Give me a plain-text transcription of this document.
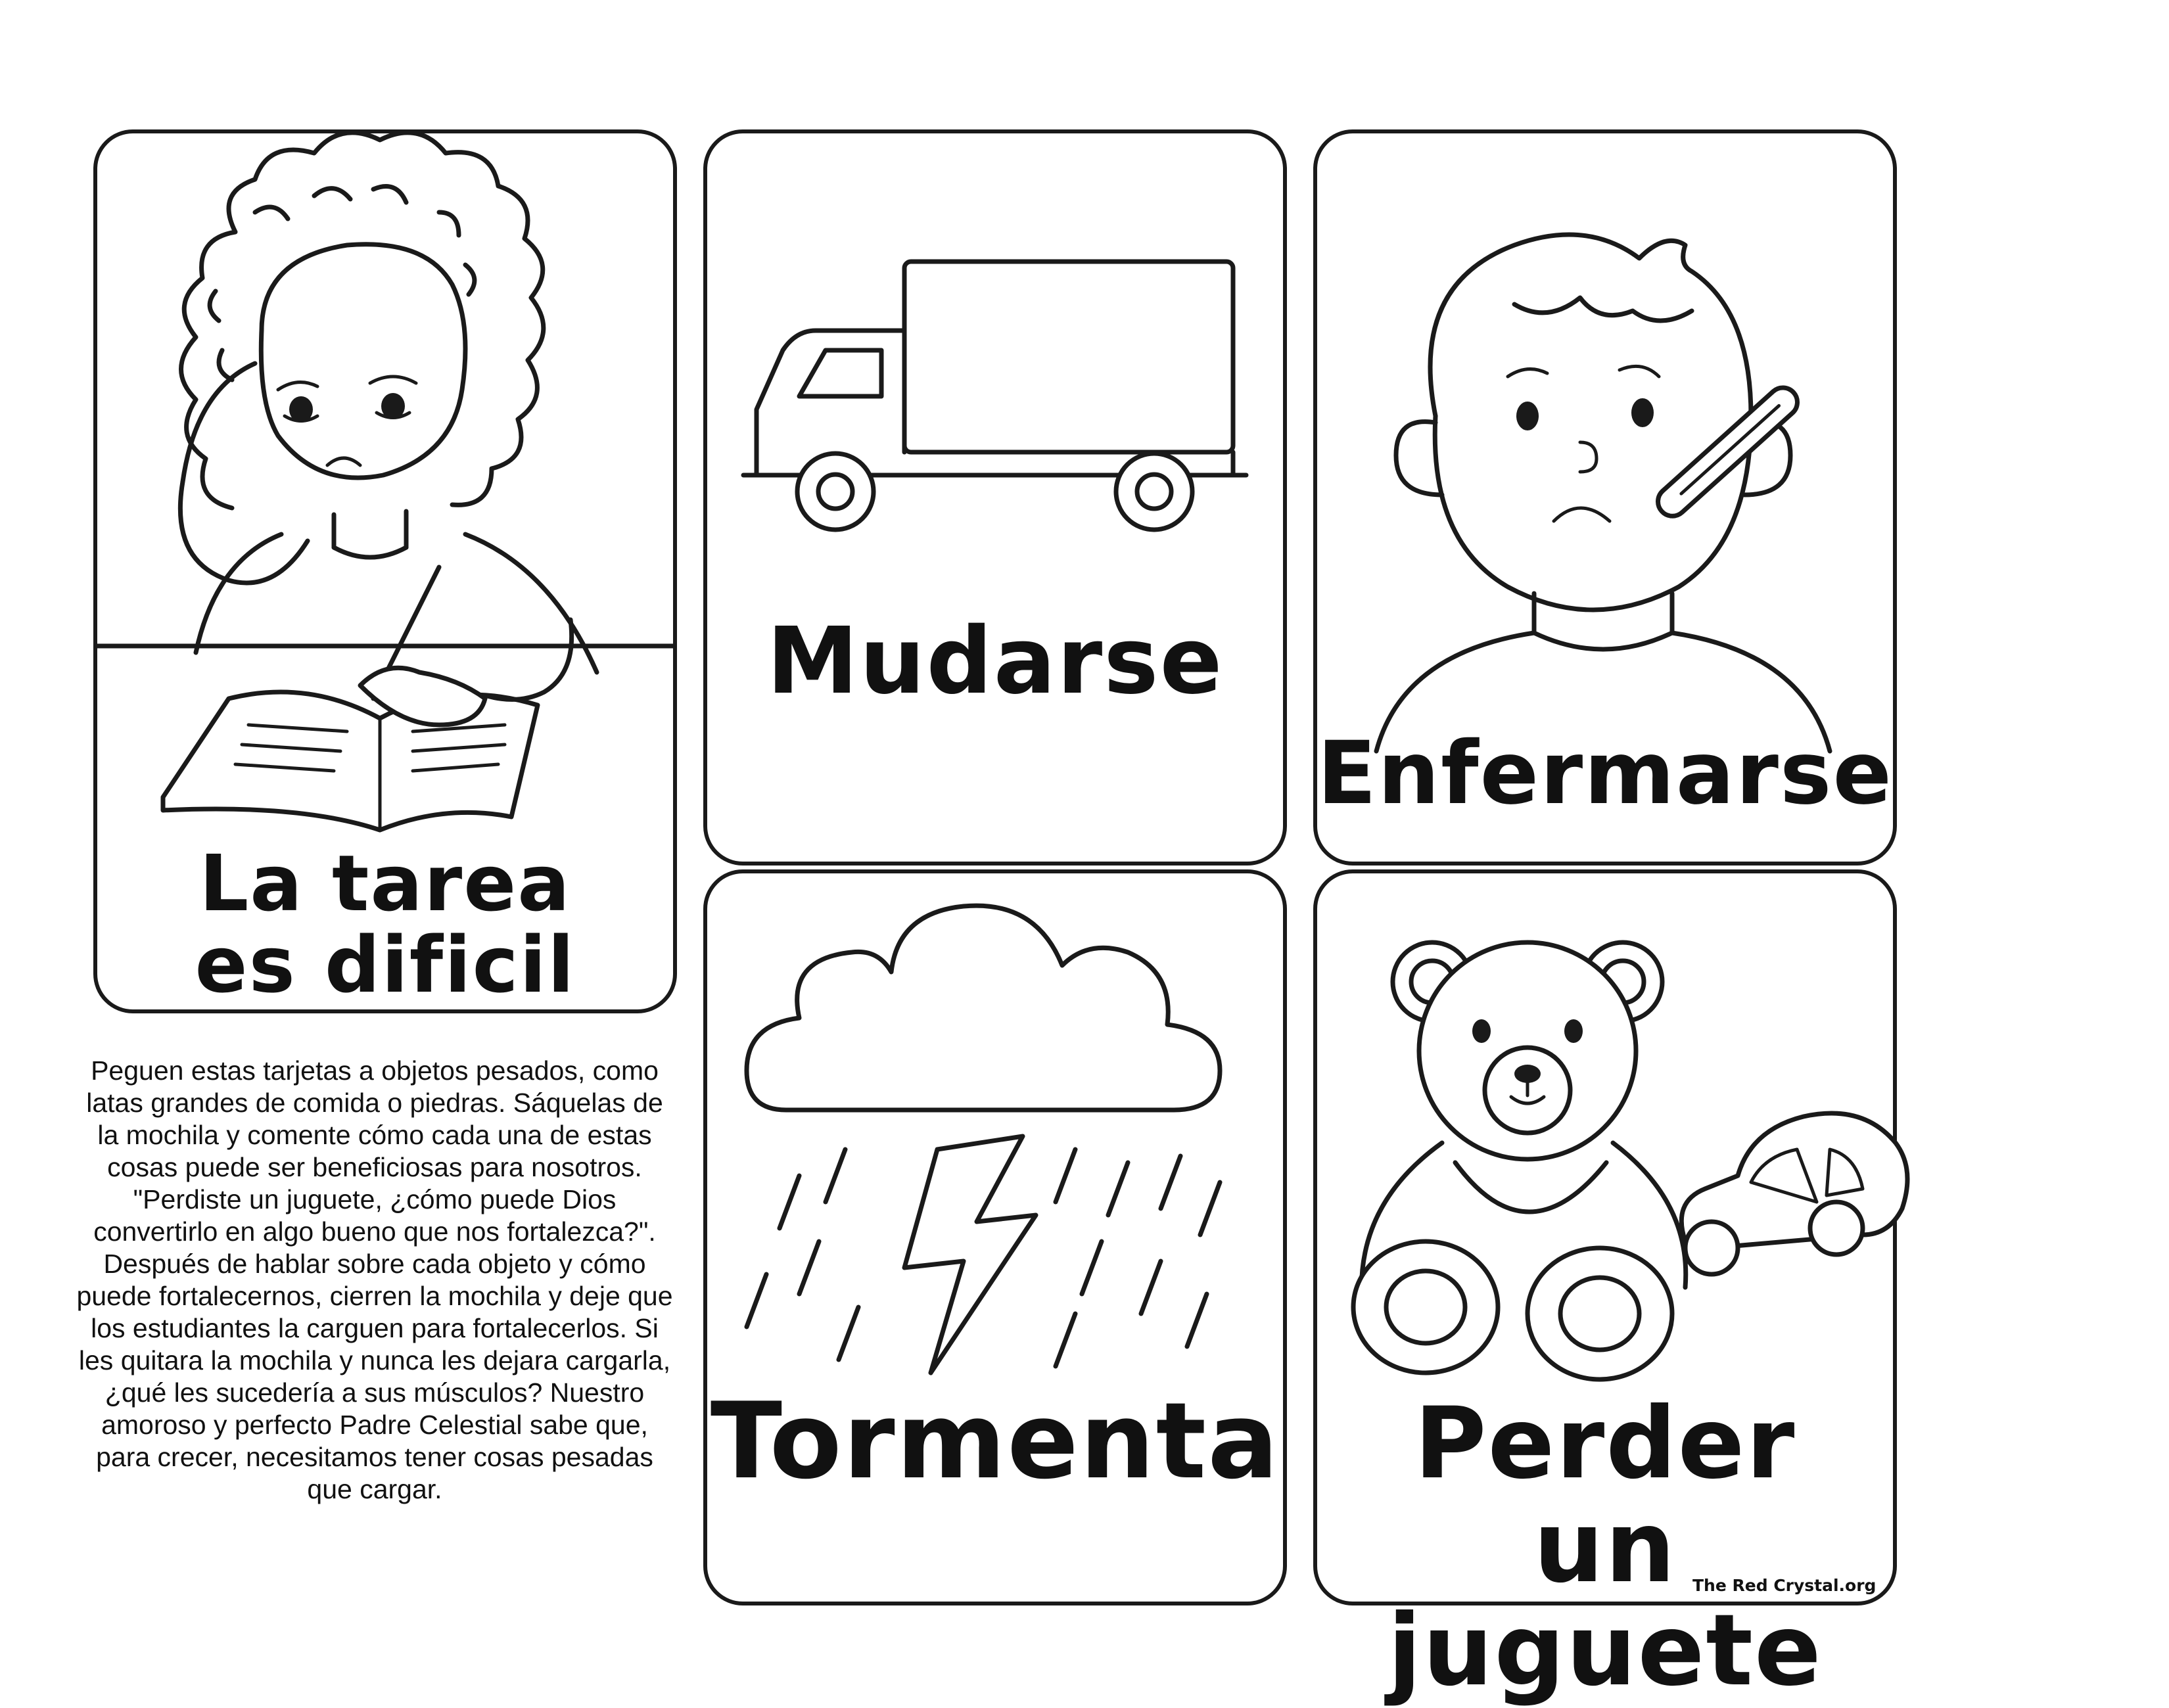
La tarea es dificil
Mudarse
Enfermarse
Tormenta	Perder un juguete
Peguen estas tarjetas a objetos pesados, como latas grandes de comida o piedras. Sáquelas de la mochila y comente cómo cada una de estas cosas puede ser beneficiosas para nosotros. "Perdiste un juguete, ¿cómo puede Dios convertirlo en algo bueno que nos fortalezca?". Después de hablar sobre cada objeto y cómo puede fortalecernos, cierren la mochila y deje que los estudiantes la carguen para fortalecerlos. Si les quitara la mochila y nunca les dejara cargarla, ¿qué les sucedería a sus músculos? Nuestro amoroso y perfecto Padre Celestial sabe que, para crecer, necesitamos tener cosas pesadas que cargar.
The Red Crystal.org
